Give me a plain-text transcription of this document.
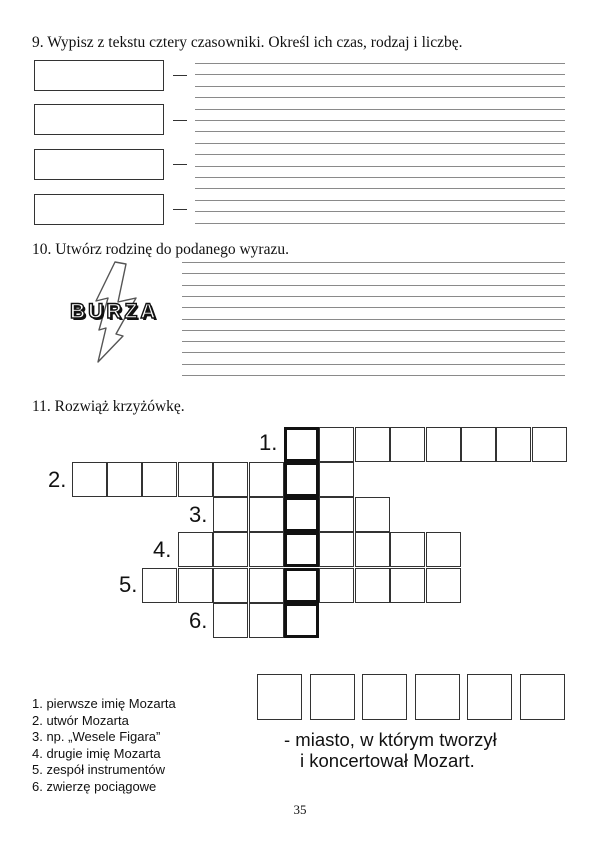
9. Wypisz z tekstu cztery czasowniki. Określ ich czas, rodzaj i liczbę.
10. Utwórz rodzinę do podanego wyrazu.
BURZA
11. Rozwiąż krzyżówkę.
1.
2.
3.
4.
5.
6.
- miasto, w którym tworzył
i koncertował Mozart.
1. pierwsze imię Mozarta
2. utwór Mozarta
3. np. „Wesele Figara”
4. drugie imię Mozarta
5. zespół instrumentów
6. zwierzę pociągowe
35
